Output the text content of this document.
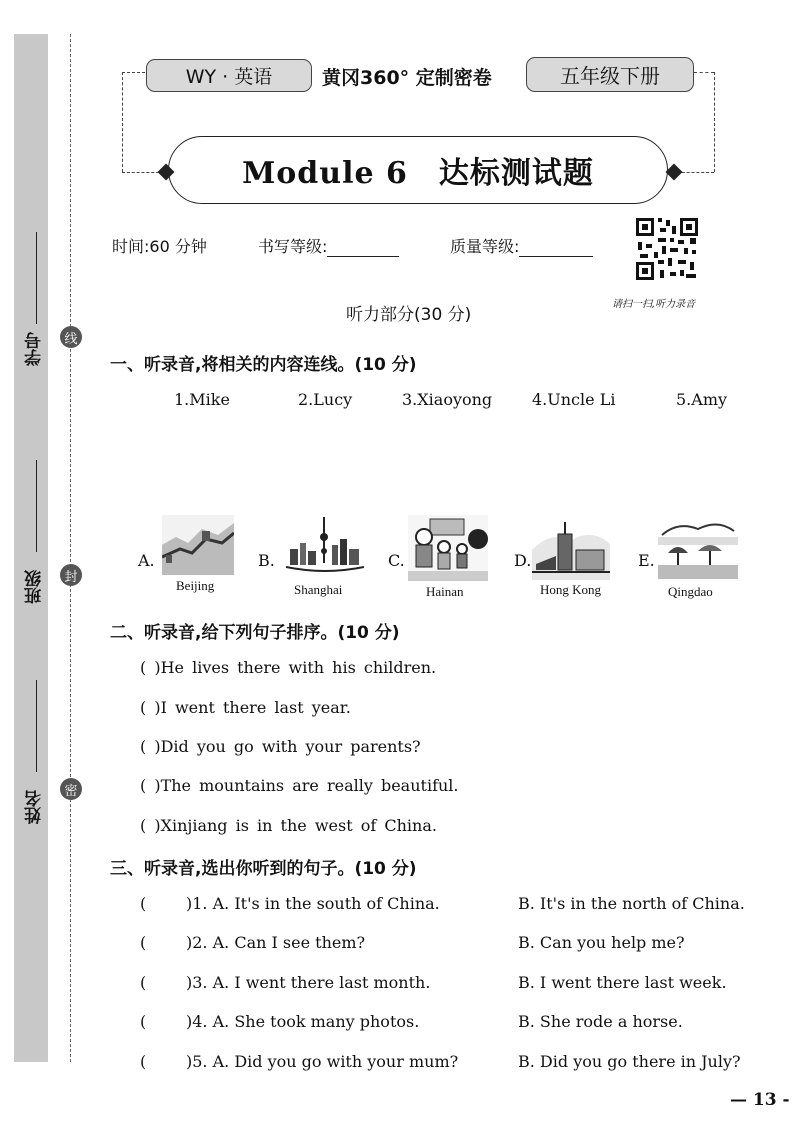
学号
班级
姓名
线
封
密
WY · 英语	黄冈360° 定制密卷	五年级下册
Module 6　达标测试题
时间:60 分钟	书写等级:	质量等级:
请扫一扫,听力录音
听力部分(30 分)
一、听录音,将相关的内容连线。(10 分)
1.Mike	2.Lucy	3.Xiaoyong 4.Uncle Li	5.Amy
A.
Beijing
B.
Shanghai
C.
Hainan
D.
Hong Kong
E.
Qingdao
二、听录音,给下列句子排序。(10 分)
( )He lives there with his children.
( )I went there last year.
( )Did you go with your parents?
( )The mountains are really beautiful.
( )Xinjiang is in the west of China.
三、听录音,选出你听到的句子。(10 分)
( )1. A. It's in the south of China.	B. It's in the north of China.
( )2. A. Can I see them?	B. Can you help me?
( )3. A. I went there last month.	B. I went there last week.
( )4. A. She took many photos.	B. She rode a horse.
( )5. A. Did you go with your mum?	B. Did you go there in July?
— 13 -
